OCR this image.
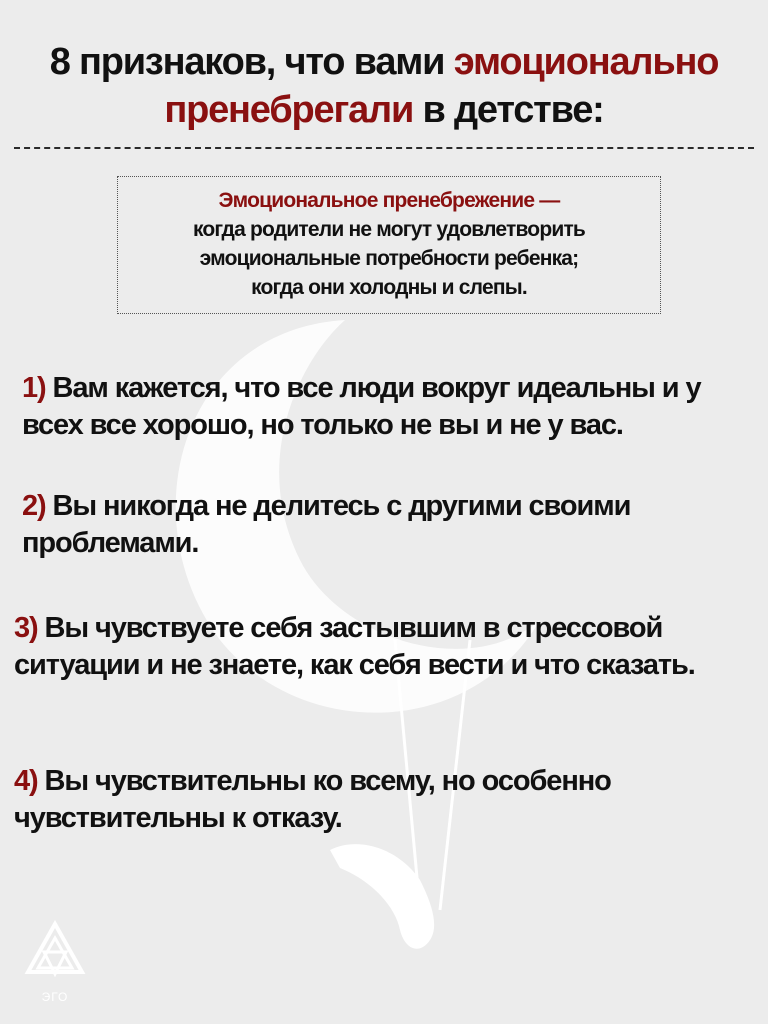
8 признаков, что вами эмоционально
пренебрегали в детстве:
Эмоциональное пренебрежение —
когда родители не могут удовлетворить
эмоциональные потребности ребенка;
когда они холодны и слепы.
1) Вам кажется, что все люди вокруг идеальны и у всех все хорошо, но только не вы и не у вас.
2) Вы никогда не делитесь с другими своими проблемами.
3) Вы чувствуете себя застывшим в стрессовой ситуации и не знаете, как себя вести и что сказать.
4) Вы чувствительны ко всему, но особенно чувствительны к отказу.
ЭГО
